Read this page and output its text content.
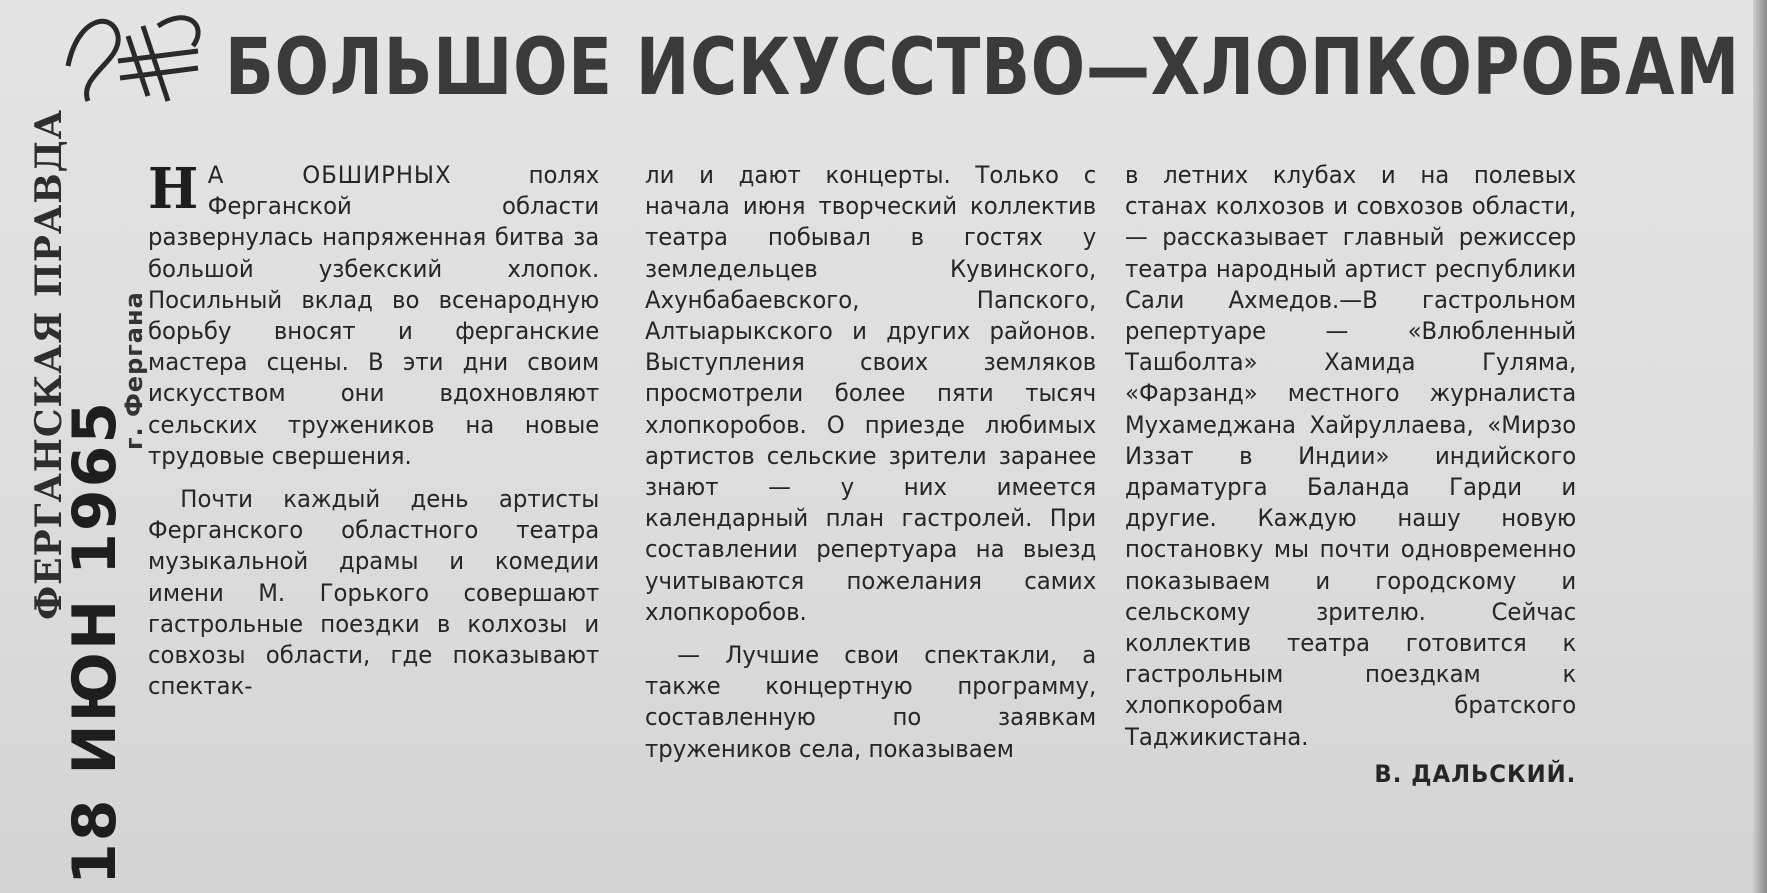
ФЕРГАНСКАЯ ПРАВДА г. Фергана
18 ИЮН 1965
БОЛЬШОЕ ИСКУССТВО—ХЛОПКОРОБАМ

Н А ОБШИРНЫХ	полях Ферганской области развернулась напряженная битва за большой узбекский хлопок. Посильный вклад во всенародную борьбу вносят и ферганские мастера сцены. В эти дни своим искусством они вдохновляют сельских тружеников на новые трудовые свершения.

Почти каждый день артисты Ферганского областного театра музыкальной драмы и комедии имени М. Горького совершают гастрольные поездки в колхозы и совхозы области, где показывают спектак-

ли и дают концерты. Только с начала июня творческий коллектив театра побывал в гостях у земледельцев Кувинского, Ахунбабаевского, Папского, Алтыарыкского и других районов. Выступления своих земляков просмотрели более пяти тысяч хлопкоробов. О приезде любимых артистов сельские зрители заранее знают — у них имеется календарный план гастролей. При составлении репертуара на выезд учитываются пожелания самих хлопкоробов.

— Лучшие свои спектакли, а также концертную программу, составленную по заявкам тружеников села, показываем

в летних клубах и на полевых станах колхозов и совхозов области, — рассказывает главный режиссер театра народный артист республики Сали Ахмедов.—В гастрольном репертуаре — «Влюбленный Ташболта» Хамида Гуляма, «Фарзанд» местного журналиста Мухамеджана Хайруллаева, «Мирзо Иззат в Индии» индийского драматурга Баланда Гарди и другие. Каждую нашу новую постановку мы почти одновременно показываем и городскому и сельскому зрителю. Сейчас коллектив театра готовится к гастрольным поездкам к хлопкоробам братского Таджикистана.

В. ДАЛЬСКИЙ.
